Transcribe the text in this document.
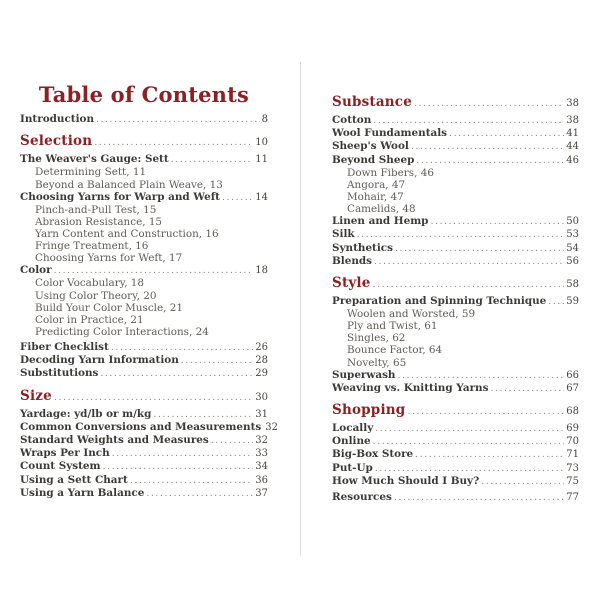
Table of Contents
Introduction .....	8
Selection .....	10
The Weaver's Gauge: Sett .....	11
Determining Sett, 11
Beyond a Balanced Plain Weave, 13
Choosing Yarns for Warp and Weft .....	14
Pinch-and-Pull Test, 15
Abrasion Resistance, 15
Yarn Content and Construction, 16
Fringe Treatment, 16
Choosing Yarns for Weft, 17
Color .....	18
Color Vocabulary, 18
Using Color Theory, 20
Build Your Color Muscle, 21
Color in Practice, 21
Predicting Color Interactions, 24
Fiber Checklist .....	26
Decoding Yarn Information .....	28
Substitutions .....	29
Size .....	30
Yardage: yd/lb or m/kg .....	31
Common Conversions and Measurements 32
Standard Weights and Measures .....	32
Wraps Per Inch .....	33
Count System .....	34
Using a Sett Chart .....	36
Using a Yarn Balance .....	37
Substance .....	38
Cotton .....	38
Wool Fundamentals .....	41
Sheep's Wool .....	44
Beyond Sheep .....	46
Down Fibers, 46
Angora, 47
Mohair, 47
Camelids, 48
Linen and Hemp .....	50
Silk .....	53
Synthetics .....	54
Blends .....	56
Style .....	58
Preparation and Spinning Technique ..... 59
Woolen and Worsted, 59
Ply and Twist, 61
Singles, 62
Bounce Factor, 64
Novelty, 65
Superwash .....	66
Weaving vs. Knitting Yarns .....	67
Shopping .....	68
Locally .....	69
Online .....	70
Big-Box Store .....	71
Put-Up .....	73
How Much Should I Buy? .....	75
Resources .....	77
